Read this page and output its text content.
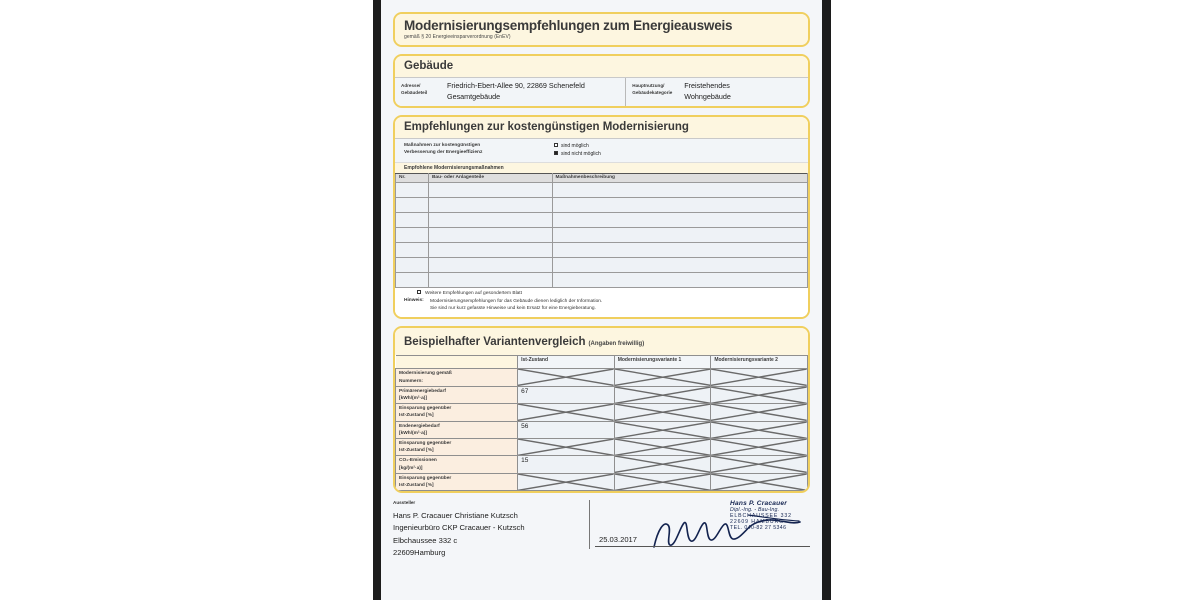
Modernisierungsempfehlungen zum Energieausweis
gemäß § 20 Energieeinsparverordnung (EnEV)
Gebäude
Adresse/
Gebäudeteil
Friedrich-Ebert-Allee 90, 22869 Schenefeld
Gesamtgebäude
Hauptnutzung/
Gebäudekategorie
Freistehendes
Wohngebäude
Empfehlungen zur kostengünstigen Modernisierung
Maßnahmen zur kostengünstigen
Verbesserung der Energieeffizienz
sind möglich
sind nicht möglich
Empfohlene Modernisierungsmaßnahmen
Nr.	Bau- oder Anlagenteile	Maßnahmenbeschreibung

Weitere Empfehlungen auf gesondertem Blatt
Hinweis:	Modernisierungsempfehlungen für das Gebäude dienen lediglich der Information.
Sie sind nur kurz gefasste Hinweise und kein Ersatz für eine Energieberatung.
Beispielhafter Variantenvergleich (Angaben freiwillig)
	Ist-Zustand	Modernisierungsvariante 1	Modernisierungsvariante 2

Modernisierung gemäß
Nummern:

Primärenergiebedarf
[kWh/(m²·a)]	67	

Einsparung gegenüber
Ist-Zustand [%]

Endenergiebedarf
[kWh/(m²·a)]	56	

Einsparung gegenüber
Ist-Zustand [%]

CO₂-Emissionen
[kg/(m²·a)]	15	

Einsparung gegenüber
Ist-Zustand [%]

Aussteller
Hans P. Cracauer Christiane Kutzsch
Ingenieurbüro CKP Cracauer - Kutzsch
Elbchaussee 332 c
22609Hamburg
25.03.2017
Hans P. Cracauer
Dipl.-Ing. - Bau-Ing.
ELBCHAUSSEE 332
22609 HAMBURG
TEL. 040-82 27 5346
